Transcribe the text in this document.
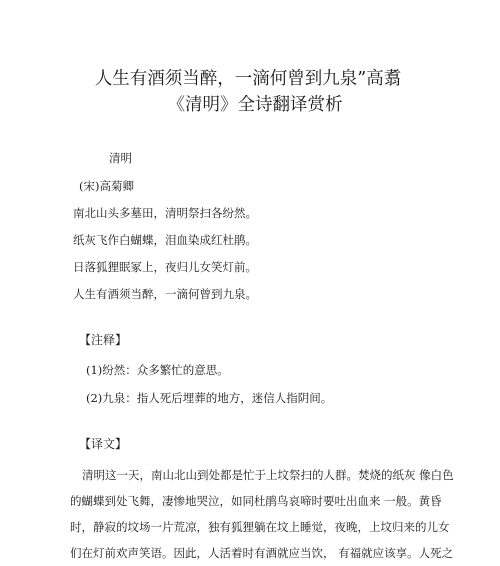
人生有酒须当醉，一滴何曾到九泉”高翥
《清明》全诗翻译赏析
清明
(宋)高菊卿
南北山头多墓田，清明祭扫各纷然。
纸灰飞作白蝴蝶，泪血染成红杜鹃。
日落狐狸眠冢上，夜归儿女笑灯前。
人生有酒须当醉，一滴何曾到九泉。
【注释】
(1)纷然：众多繁忙的意思。
(2)九泉：指人死后埋葬的地方，迷信人指阴间。
【译文】
清明这一天，南山北山到处都是忙于上坟祭扫的人群。焚烧的纸灰 像白色
的蝴蝶到处飞舞，凄惨地哭泣，如同杜鹃鸟哀啼时要吐出血来 一般。黄昏
时，静寂的坟场一片荒凉，独有狐狸躺在坟上睡觉，夜晚，上坟归来的儿女
们在灯前欢声笑语。因此，人活着时有酒就应当饮， 有福就应该享。人死之
